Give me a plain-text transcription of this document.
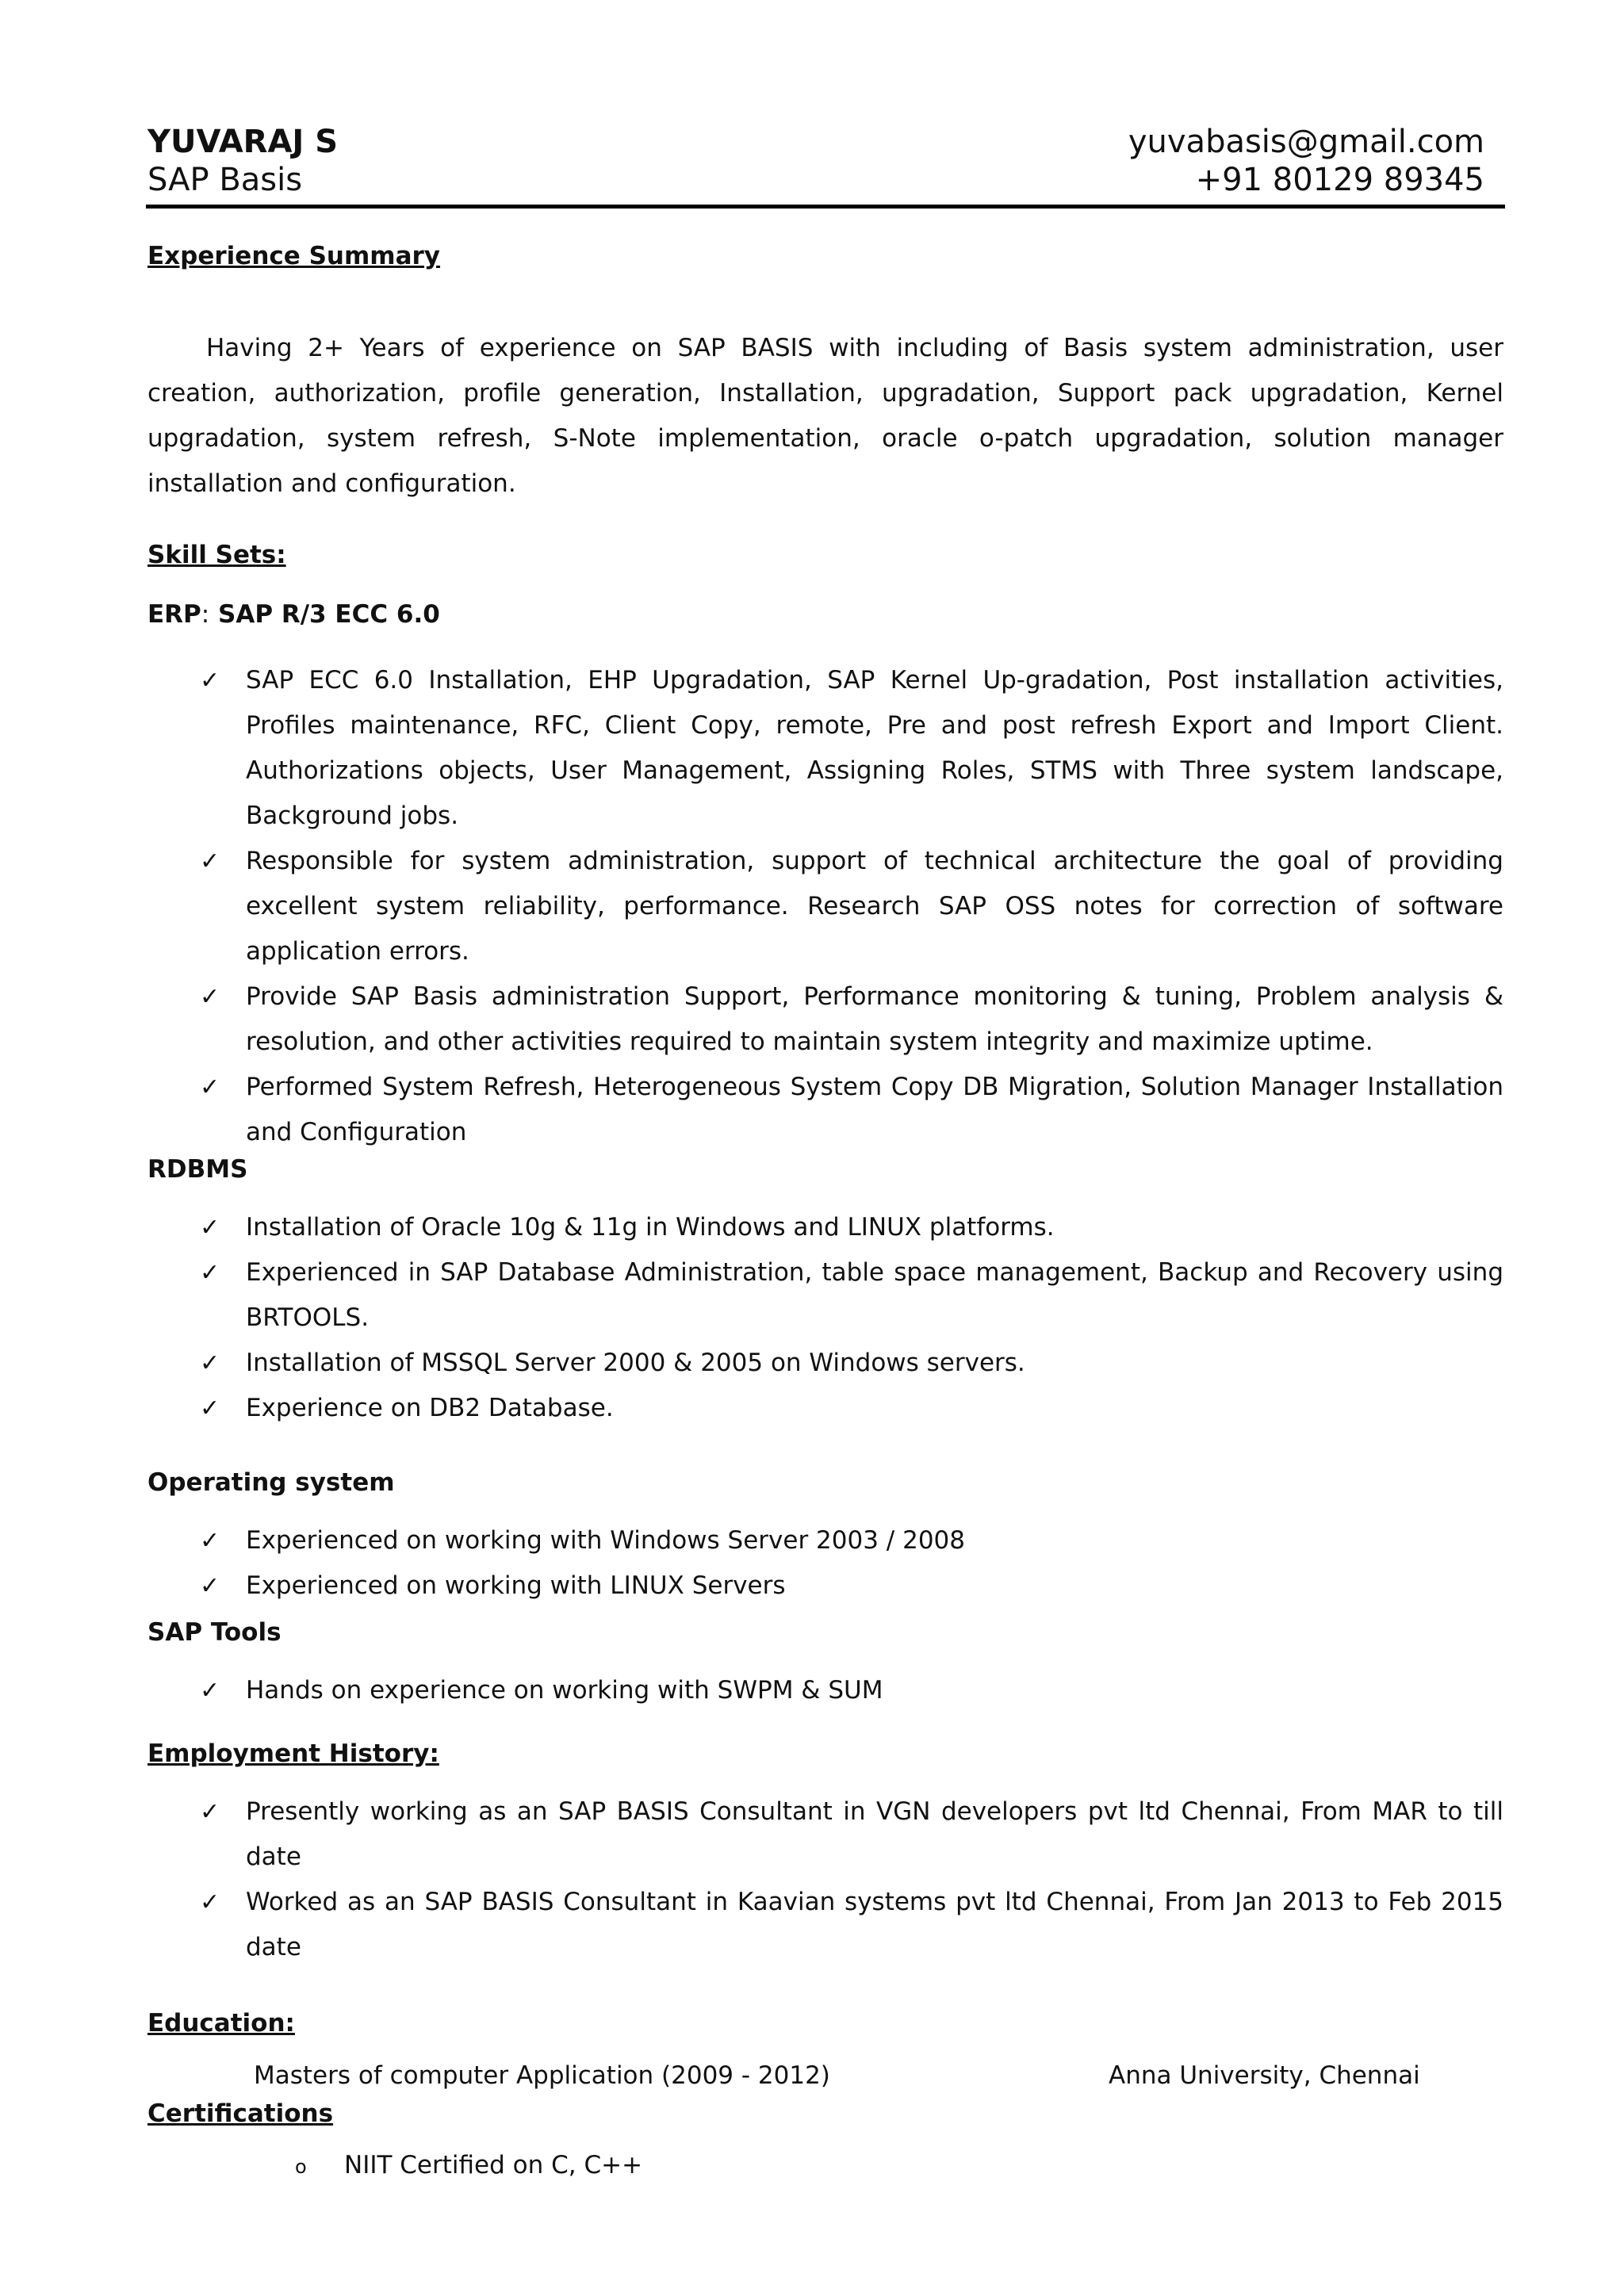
YUVARAJ S
SAP Basis
yuvabasis@gmail.com
+91 80129 89345
Experience Summary
Having 2+ Years of experience on SAP BASIS with including of Basis system administration, user creation, authorization, profile generation, Installation, upgradation, Support pack upgradation, Kernel upgradation, system refresh, S-Note implementation, oracle o-patch upgradation, solution manager installation and configuration.
Skill Sets:
ERP: SAP R/3 ECC 6.0
✓ SAP ECC 6.0 Installation, EHP Upgradation, SAP Kernel Up-gradation, Post installation activities, Profiles maintenance, RFC, Client Copy, remote, Pre and post refresh Export and Import Client. Authorizations objects, User Management, Assigning Roles, STMS with Three system landscape, Background jobs.
✓ Responsible for system administration, support of technical architecture the goal of providing excellent system reliability, performance. Research SAP OSS notes for correction of software application errors.
✓ Provide SAP Basis administration Support, Performance monitoring & tuning, Problem analysis & resolution, and other activities required to maintain system integrity and maximize uptime.
✓ Performed System Refresh, Heterogeneous System Copy DB Migration, Solution Manager Installation and Configuration
RDBMS
✓ Installation of Oracle 10g & 11g in Windows and LINUX platforms.
✓ Experienced in SAP Database Administration, table space management, Backup and Recovery using BRTOOLS.
✓ Installation of MSSQL Server 2000 & 2005 on Windows servers.
✓ Experience on DB2 Database.
Operating system
✓ Experienced on working with Windows Server 2003 / 2008
✓ Experienced on working with LINUX Servers
SAP Tools
✓ Hands on experience on working with SWPM & SUM
Employment History:
✓ Presently working as an SAP BASIS Consultant in VGN developers pvt ltd Chennai, From MAR to till date
✓ Worked as an SAP BASIS Consultant in Kaavian systems pvt ltd Chennai, From Jan 2013 to Feb 2015 date
Education:
Masters of computer Application (2009 - 2012)	Anna University, Chennai
Certifications
o NIIT Certified on C, C++
